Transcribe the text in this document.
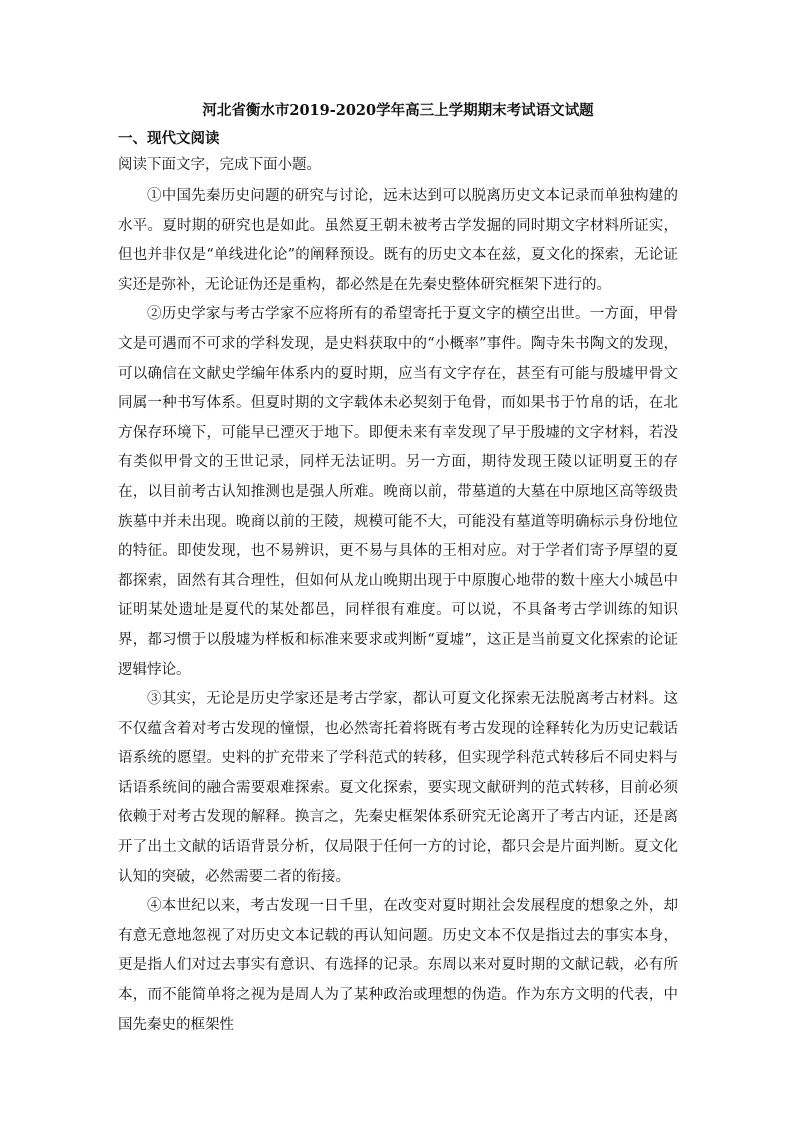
河北省衡水市2019-2020学年高三上学期期末考试语文试题
一、现代文阅读
阅读下面文字，完成下面小题。

①中国先秦历史问题的研究与讨论，远未达到可以脱离历史文本记录而单独构建的水平。夏时期的研究也是如此。虽然夏王朝未被考古学发掘的同时期文字材料所证实，但也并非仅是“单线进化论”的阐释预设。既有的历史文本在兹，夏文化的探索，无论证实还是弥补，无论证伪还是重构，都必然是在先秦史整体研究框架下进行的。

②历史学家与考古学家不应将所有的希望寄托于夏文字的横空出世。一方面，甲骨文是可遇而不可求的学科发现，是史料获取中的“小概率”事件。陶寺朱书陶文的发现，可以确信在文献史学编年体系内的夏时期，应当有文字存在，甚至有可能与殷墟甲骨文同属一种书写体系。但夏时期的文字载体未必契刻于龟骨，而如果书于竹帛的话，在北方保存环境下，可能早已湮灭于地下。即便未来有幸发现了早于殷墟的文字材料，若没有类似甲骨文的王世记录，同样无法证明。另一方面，期待发现王陵以证明夏王的存在，以目前考古认知推测也是强人所难。晚商以前，带墓道的大墓在中原地区高等级贵族墓中并未出现。晚商以前的王陵，规模可能不大，可能没有墓道等明确标示身份地位的特征。即使发现，也不易辨识，更不易与具体的王相对应。对于学者们寄予厚望的夏都探索，固然有其合理性，但如何从龙山晚期出现于中原腹心地带的数十座大小城邑中证明某处遗址是夏代的某处都邑，同样很有难度。可以说，不具备考古学训练的知识界，都习惯于以殷墟为样板和标准来要求或判断“夏墟”，这正是当前夏文化探索的论证逻辑悖论。

③其实，无论是历史学家还是考古学家，都认可夏文化探索无法脱离考古材料。这不仅蕴含着对考古发现的憧憬，也必然寄托着将既有考古发现的诠释转化为历史记载话语系统的愿望。史料的扩充带来了学科范式的转移，但实现学科范式转移后不同史料与话语系统间的融合需要艰难探索。夏文化探索，要实现文献研判的范式转移，目前必须依赖于对考古发现的解释。换言之，先秦史框架体系研究无论离开了考古内证，还是离开了出土文献的话语背景分析，仅局限于任何一方的讨论，都只会是片面判断。夏文化认知的突破，必然需要二者的衔接。

④本世纪以来，考古发现一日千里，在改变对夏时期社会发展程度的想象之外，却有意无意地忽视了对历史文本记载的再认知问题。历史文本不仅是指过去的事实本身，更是指人们对过去事实有意识、有选择的记录。东周以来对夏时期的文献记载，必有所本，而不能简单将之视为是周人为了某种政治或理想的伪造。作为东方文明的代表，中国先秦史的框架性
